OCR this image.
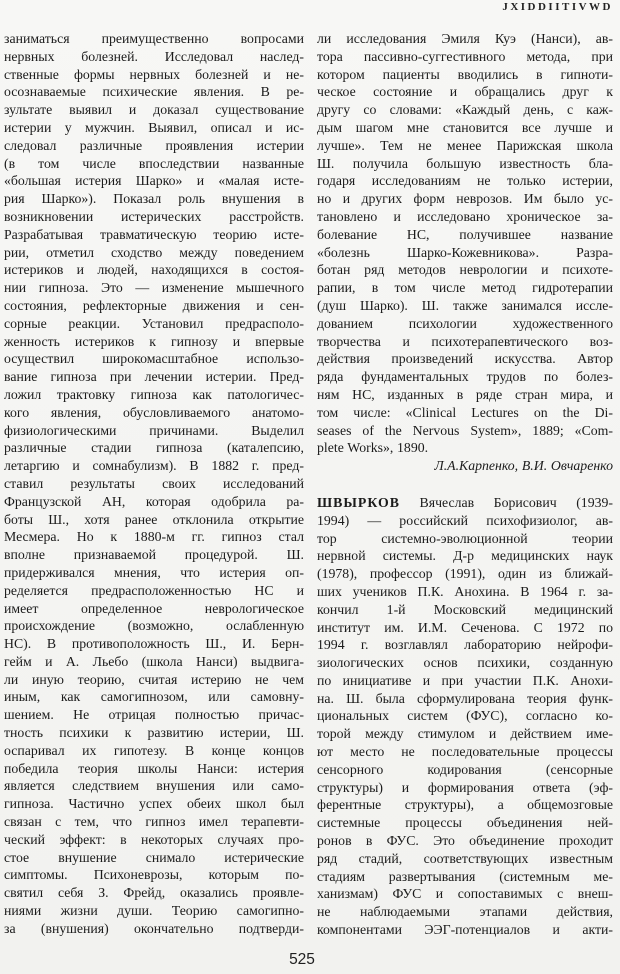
JXIDDIITIVWD
заниматься преимущественно вопросами
нервных болезней. Исследовал наслед-
ственные формы нервных болезней и не-
осознаваемые психические явления. В ре-
зультате выявил и доказал существование
истерии у мужчин. Выявил, описал и ис-
следовал различные проявления истерии
(в том числе впоследствии названные
«большая истерия Шарко» и «малая исте-
рия Шарко»). Показал роль внушения в
возникновении истерических расстройств.
Разрабатывая травматическую теорию исте-
рии, отметил сходство между поведением
истериков и людей, находящихся в состоя-
нии гипноза. Это — изменение мышечного
состояния, рефлекторные движения и сен-
сорные реакции. Установил предрасполо-
женность истериков к гипнозу и впервые
осуществил широкомасштабное использо-
вание гипноза при лечении истерии. Пред-
ложил трактовку гипноза как патологичес-
кого явления, обусловливаемого анатомо-
физиологическими причинами. Выделил
различные стадии гипноза (каталепсию,
летаргию и сомнабулизм). В 1882 г. пред-
ставил результаты своих исследований
Французской АН, которая одобрила ра-
боты Ш., хотя ранее отклонила открытие
Месмера. Но к 1880-м гг. гипноз стал
вполне признаваемой процедурой. Ш.
придерживался мнения, что истерия оп-
ределяется предрасположенностью НС и
имеет определенное неврологическое
происхождение (возможно, ослабленную
НС). В противоположность Ш., И. Берн-
гейм и А. Льебо (школа Нанси) выдвига-
ли иную теорию, считая истерию не чем
иным, как самогипнозом, или самовну-
шением. Не отрицая полностью причас-
тность психики к развитию истерии, Ш.
оспаривал их гипотезу. В конце концов
победила теория школы Нанси: истерия
является следствием внушения или само-
гипноза. Частично успех обеих школ был
связан с тем, что гипноз имел терапевти-
ческий эффект: в некоторых случаях про-
стое внушение снимало истерические
симптомы. Психоневрозы, которым по-
святил себя З. Фрейд, оказались проявле-
ниями жизни души. Теорию самогипно-
за (внушения) окончательно подтверди-
ли исследования Эмиля Куэ (Нанси), ав-
тора пассивно-суггестивного метода, при
котором пациенты вводились в гипноти-
ческое состояние и обращались друг к
другу со словами: «Каждый день, с каж-
дым шагом мне становится все лучше и
лучше». Тем не менее Парижская школа
Ш. получила большую известность бла-
годаря исследованиям не только истерии,
но и других форм неврозов. Им было ус-
тановлено и исследовано хроническое за-
болевание НС, получившее название
«болезнь Шарко-Кожевникова». Разра-
ботан ряд методов неврологии и психоте-
рапии, в том числе метод гидротерапии
(душ Шарко). Ш. также занимался иссле-
дованием психологии художественного
творчества и психотерапевтического воз-
действия произведений искусства. Автор
ряда фундаментальных трудов по болез-
ням НС, изданных в ряде стран мира, и
том числе: «Clinical Lectures on the Di-
seases of the Nervous System», 1889; «Com-
plete Works», 1890.
Л.А.Карпенко, В.И. Овчаренко
ШВЫРКОВ Вячеслав Борисович (1939-
1994) — российский психофизиолог, ав-
тор системно-эволюционной теории
нервной системы. Д-р медицинских наук
(1978), профессор (1991), один из ближай-
ших учеников П.К. Анохина. В 1964 г. за-
кончил 1-й Московский медицинский
институт им. И.М. Сеченова. С 1972 по
1994 г. возглавлял лабораторию нейрофи-
зиологических основ психики, созданную
по инициативе и при участии П.К. Анохи-
на. Ш. была сформулирована теория функ-
циональных систем (ФУС), согласно ко-
торой между стимулом и действием име-
ют место не последовательные процессы
сенсорного кодирования (сенсорные
структуры) и формирования ответа (эф-
ферентные структуры), а общемозговые
системные процессы объединения ней-
ронов в ФУС. Это объединение проходит
ряд стадий, соответствующих известным
стадиям развертывания (системным ме-
ханизмам) ФУС и сопоставимых с внеш-
не наблюдаемыми этапами действия,
компонентами ЭЭГ-потенциалов и акти-
525
